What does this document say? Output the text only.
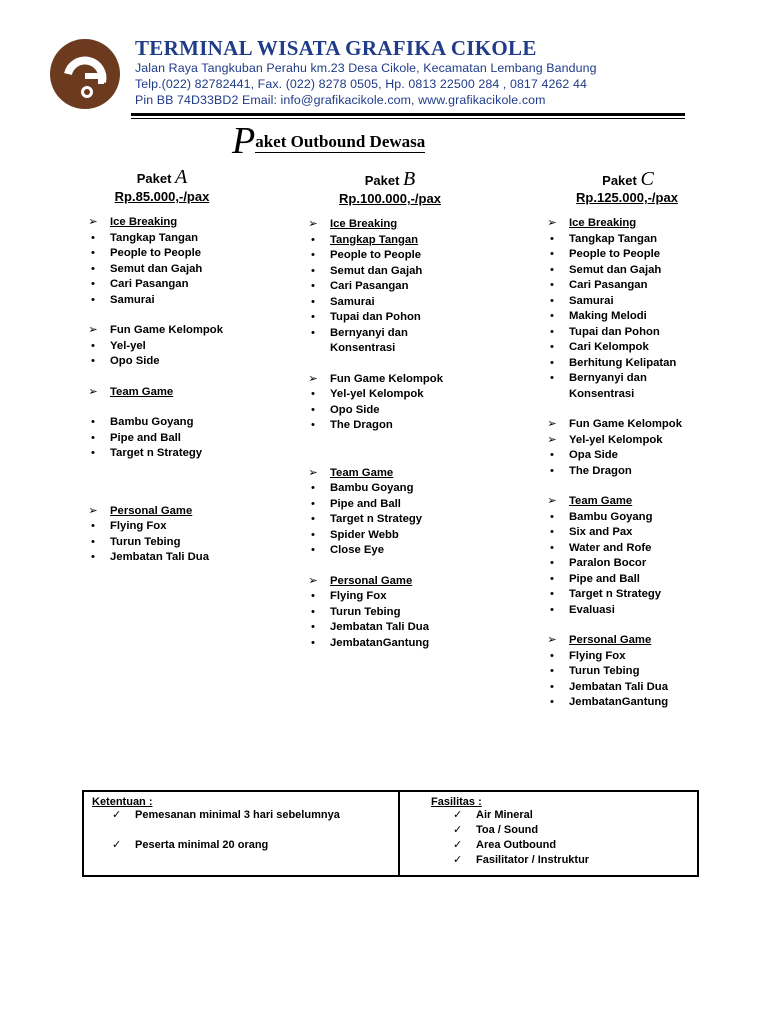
TERMINAL WISATA GRAFIKA CIKOLE
Jalan Raya Tangkuban Perahu km.23 Desa Cikole, Kecamatan Lembang Bandung
Telp.(022) 82782441, Fax. (022) 8278 0505, Hp. 0813 22500 284 , 0817 4262 44
Pin BB 74D33BD2 Email: info@grafikacikole.com, www.grafikacikole.com
Paket Outbound Dewasa
Paket A
Rp.85.000,-/pax
➢ Ice Breaking
•	Tangkap Tangan
•	People to People
•	Semut dan Gajah
•	Cari Pasangan
•	Samurai
➢ Fun Game Kelompok
•	Yel-yel
•	Opo Side
➢ Team Game
•	Bambu Goyang
•	Pipe and Ball
•	Target n Strategy
➢ Personal Game
•	Flying Fox
•	Turun Tebing
•	Jembatan Tali Dua
Paket B
Rp.100.000,-/pax
➢ Ice Breaking
•	Tangkap Tangan
•	People to People
•	Semut dan Gajah
•	Cari Pasangan
•	Samurai
•	Tupai dan Pohon
•	Bernyanyi dan Konsentrasi
➢ Fun Game Kelompok
•	Yel-yel Kelompok
•	Opo Side
•	The Dragon
➢ Team Game
•	Bambu Goyang
•	Pipe and Ball
•	Target n Strategy
•	Spider Webb
•	Close Eye
➢ Personal Game
•	Flying Fox
•	Turun Tebing
•	Jembatan Tali Dua
•	JembatanGantung
Paket C
Rp.125.000,-/pax
➢ Ice Breaking
•	Tangkap Tangan
•	People to People
•	Semut dan Gajah
•	Cari Pasangan
•	Samurai
•	Making Melodi
•	Tupai dan Pohon
•	Cari Kelompok
•	Berhitung Kelipatan
•	Bernyanyi dan Konsentrasi
➢ Fun Game Kelompok
➢ Yel-yel Kelompok
•	Opa Side
•	The Dragon
➢ Team Game
•	Bambu Goyang
•	Six and Pax
•	Water and Rofe
•	Paralon Bocor
•	Pipe and Ball
•	Target n Strategy
•	Evaluasi
➢ Personal Game
•	Flying Fox
•	Turun Tebing
•	Jembatan Tali Dua
•	JembatanGantung
Ketentuan :
✓ Pemesanan minimal 3 hari sebelumnya
✓ Peserta minimal 20 orang
Fasilitas :
✓ Air Mineral
✓ Toa / Sound
✓ Area Outbound
✓ Fasilitator / Instruktur
